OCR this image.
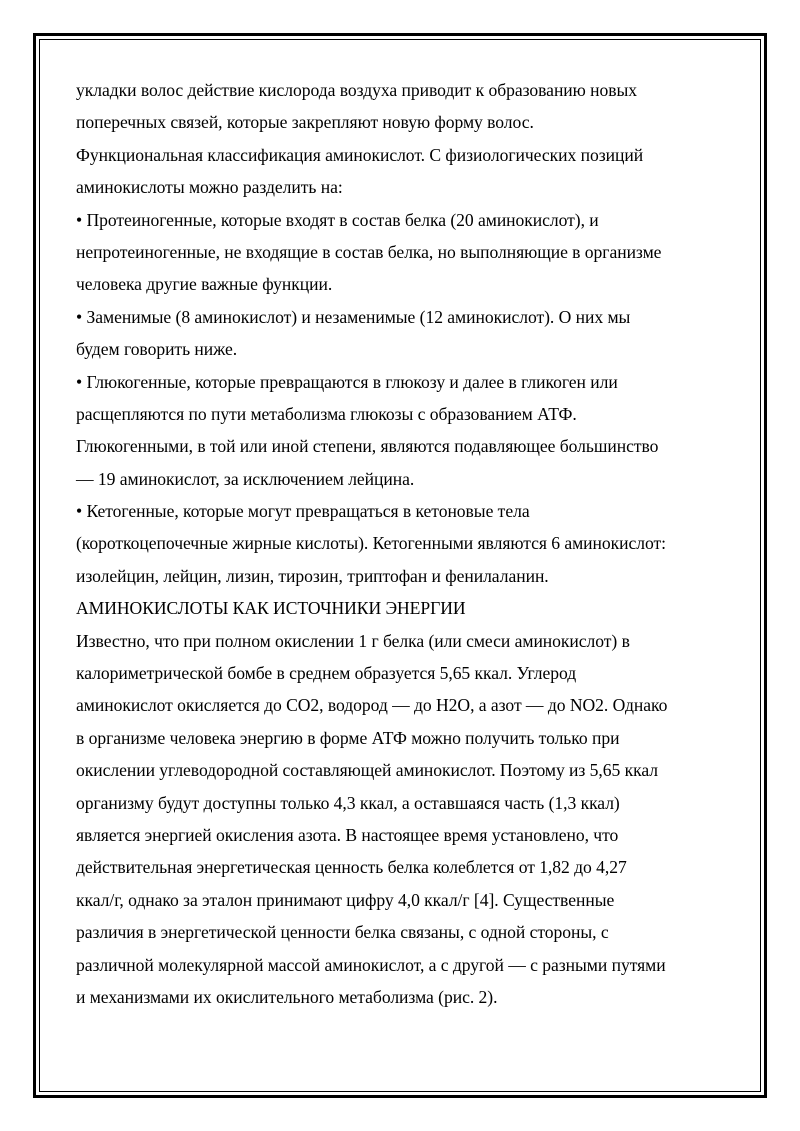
укладки волос действие кислорода воздуха приводит к образованию новых
поперечных связей, которые закрепляют новую форму волос.
Функциональная классификация аминокислот. С физиологических позиций
аминокислоты можно разделить на:
• Протеиногенные, которые входят в состав белка (20 аминокислот), и
непротеиногенные, не входящие в состав белка, но выполняющие в организме
человека другие важные функции.
• Заменимые (8 аминокислот) и незаменимые (12 аминокислот). О них мы
будем говорить ниже.
• Глюкогенные, которые превращаются в глюкозу и далее в гликоген или
расщепляются по пути метаболизма глюкозы с образованием АТФ.
Глюкогенными, в той или иной степени, являются подавляющее большинство
— 19 аминокислот, за исключением лейцина.
• Кетогенные, которые могут превращаться в кетоновые тела
(короткоцепочечные жирные кислоты). Кетогенными являются 6 аминокислот:
изолейцин, лейцин, лизин, тирозин, триптофан и фенилаланин.
АМИНОКИСЛОТЫ КАК ИСТОЧНИКИ ЭНЕРГИИ
Известно, что при полном окислении 1 г белка (или смеси аминокислот) в
калориметрической бомбе в среднем образуется 5,65 ккал. Углерод
аминокислот окисляется до CO2, водород — до H2O, а азот — до NO2. Однако
в организме человека энергию в форме АТФ можно получить только при
окислении углеводородной составляющей аминокислот. Поэтому из 5,65 ккал
организму будут доступны только 4,3 ккал, а оставшаяся часть (1,3 ккал)
является энергией окисления азота. В настоящее время установлено, что
действительная энергетическая ценность белка колеблется от 1,82 до 4,27
ккал/г, однако за эталон принимают цифру 4,0 ккал/г [4]. Существенные
различия в энергетической ценности белка связаны, с одной стороны, с
различной молекулярной массой аминокислот, а с другой — с разными путями
и механизмами их окислительного метаболизма (рис. 2).
